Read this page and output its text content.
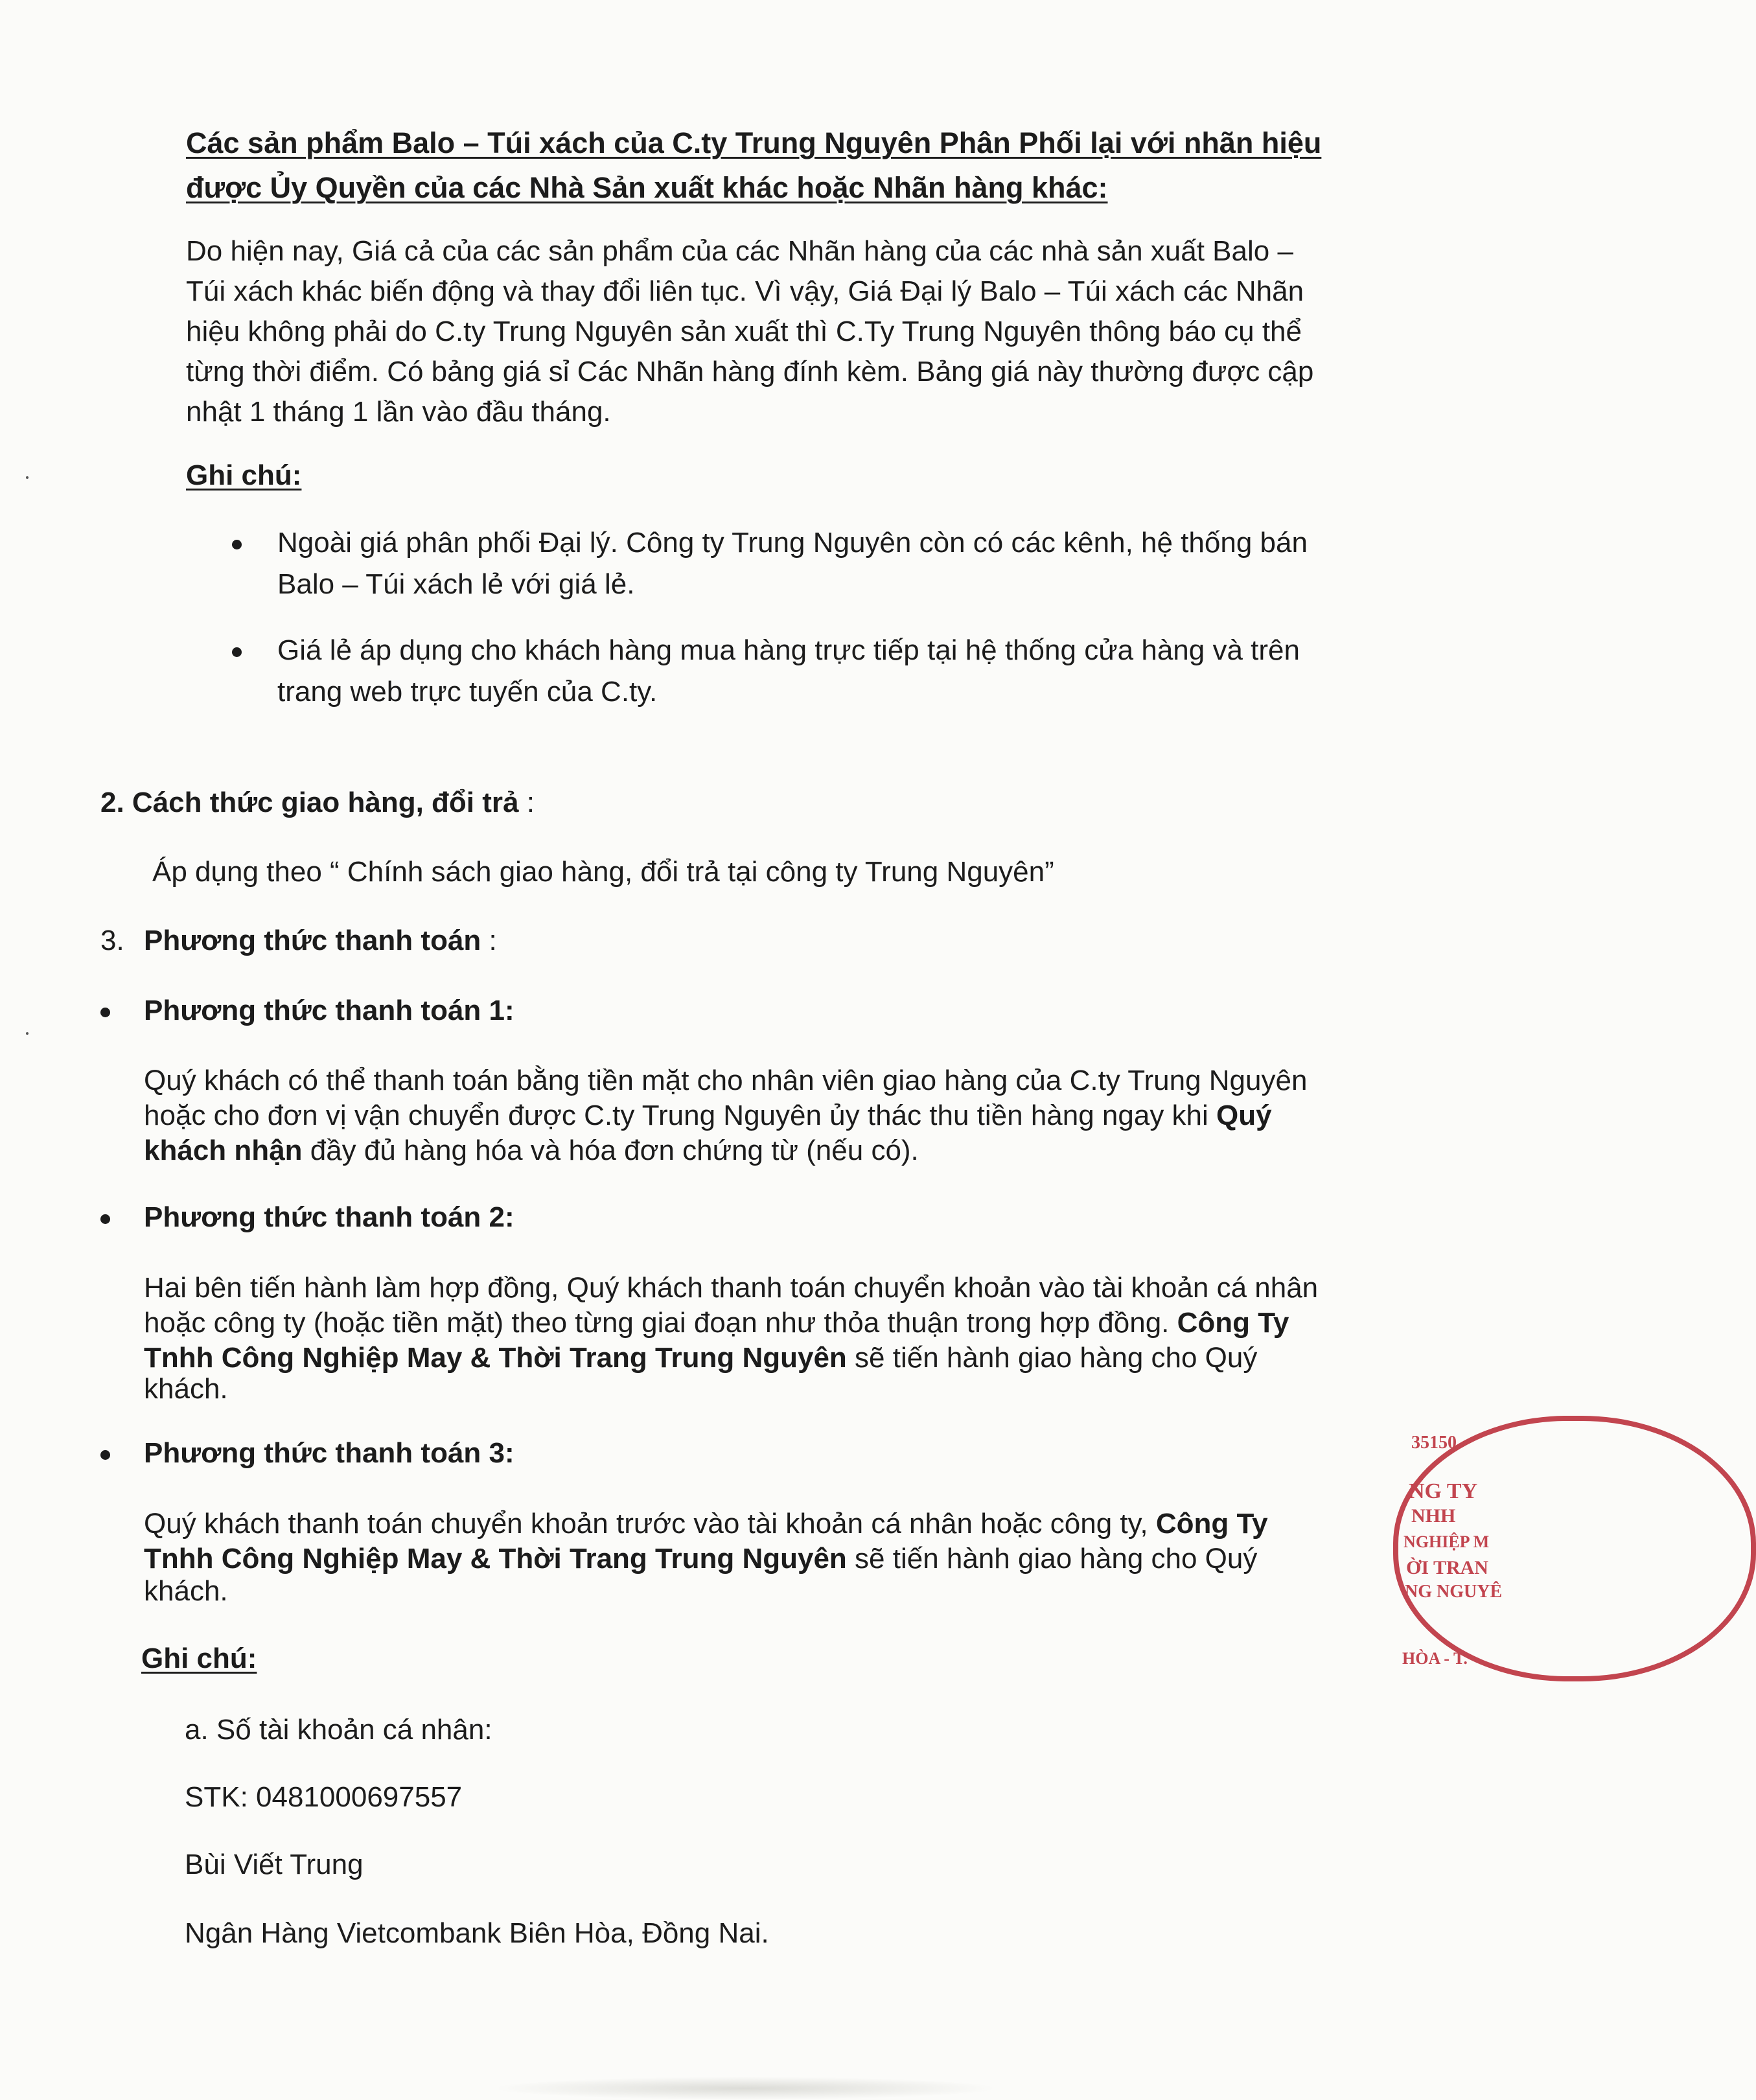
Các sản phẩm Balo – Túi xách của C.ty Trung Nguyên Phân Phối lại với nhãn hiệu
được Ủy Quyền của các Nhà Sản xuất khác hoặc Nhãn hàng khác:
Do hiện nay, Giá cả của các sản phẩm của các Nhãn hàng của các nhà sản xuất Balo –
Túi xách khác biến động và thay đổi liên tục. Vì vậy, Giá Đại lý Balo – Túi xách các Nhãn
hiệu không phải do C.ty Trung Nguyên sản xuất thì C.Ty Trung Nguyên thông báo cụ thể
từng thời điểm. Có bảng giá sỉ Các Nhãn hàng đính kèm. Bảng giá này thường được cập
nhật 1 tháng 1 lần vào đầu tháng.
Ghi chú:
Ngoài giá phân phối Đại lý. Công ty Trung Nguyên còn có các kênh, hệ thống bán
Balo – Túi xách lẻ với giá lẻ.
Giá lẻ áp dụng cho khách hàng mua hàng trực tiếp tại hệ thống cửa hàng và trên
trang web trực tuyến của C.ty.
2. Cách thức giao hàng, đổi trả :
Áp dụng theo “ Chính sách giao hàng, đổi trả tại công ty Trung Nguyên”
3. Phương thức thanh toán :
Phương thức thanh toán 1:
Quý khách có thể thanh toán bằng tiền mặt cho nhân viên giao hàng của C.ty Trung Nguyên
hoặc cho đơn vị vận chuyển được C.ty Trung Nguyên ủy thác thu tiền hàng ngay khi Quý
khách nhận đầy đủ hàng hóa và hóa đơn chứng từ (nếu có).
Phương thức thanh toán 2:
Hai bên tiến hành làm hợp đồng, Quý khách thanh toán chuyển khoản vào tài khoản cá nhân
hoặc công ty (hoặc tiền mặt) theo từng giai đoạn như thỏa thuận trong hợp đồng. Công Ty
Tnhh Công Nghiệp May & Thời Trang Trung Nguyên sẽ tiến hành giao hàng cho Quý
khách.
Phương thức thanh toán 3:
Quý khách thanh toán chuyển khoản trước vào tài khoản cá nhân hoặc công ty, Công Ty
Tnhh Công Nghiệp May & Thời Trang Trung Nguyên sẽ tiến hành giao hàng cho Quý
khách.
Ghi chú:
a. Số tài khoản cá nhân:
STK: 0481000697557
Bùi Viết Trung
Ngân Hàng Vietcombank Biên Hòa, Đồng Nai.
35150
NG TY
NHH
NGHIỆP M
ỜI TRAN
NG NGUYÊ
HÒA - T.
